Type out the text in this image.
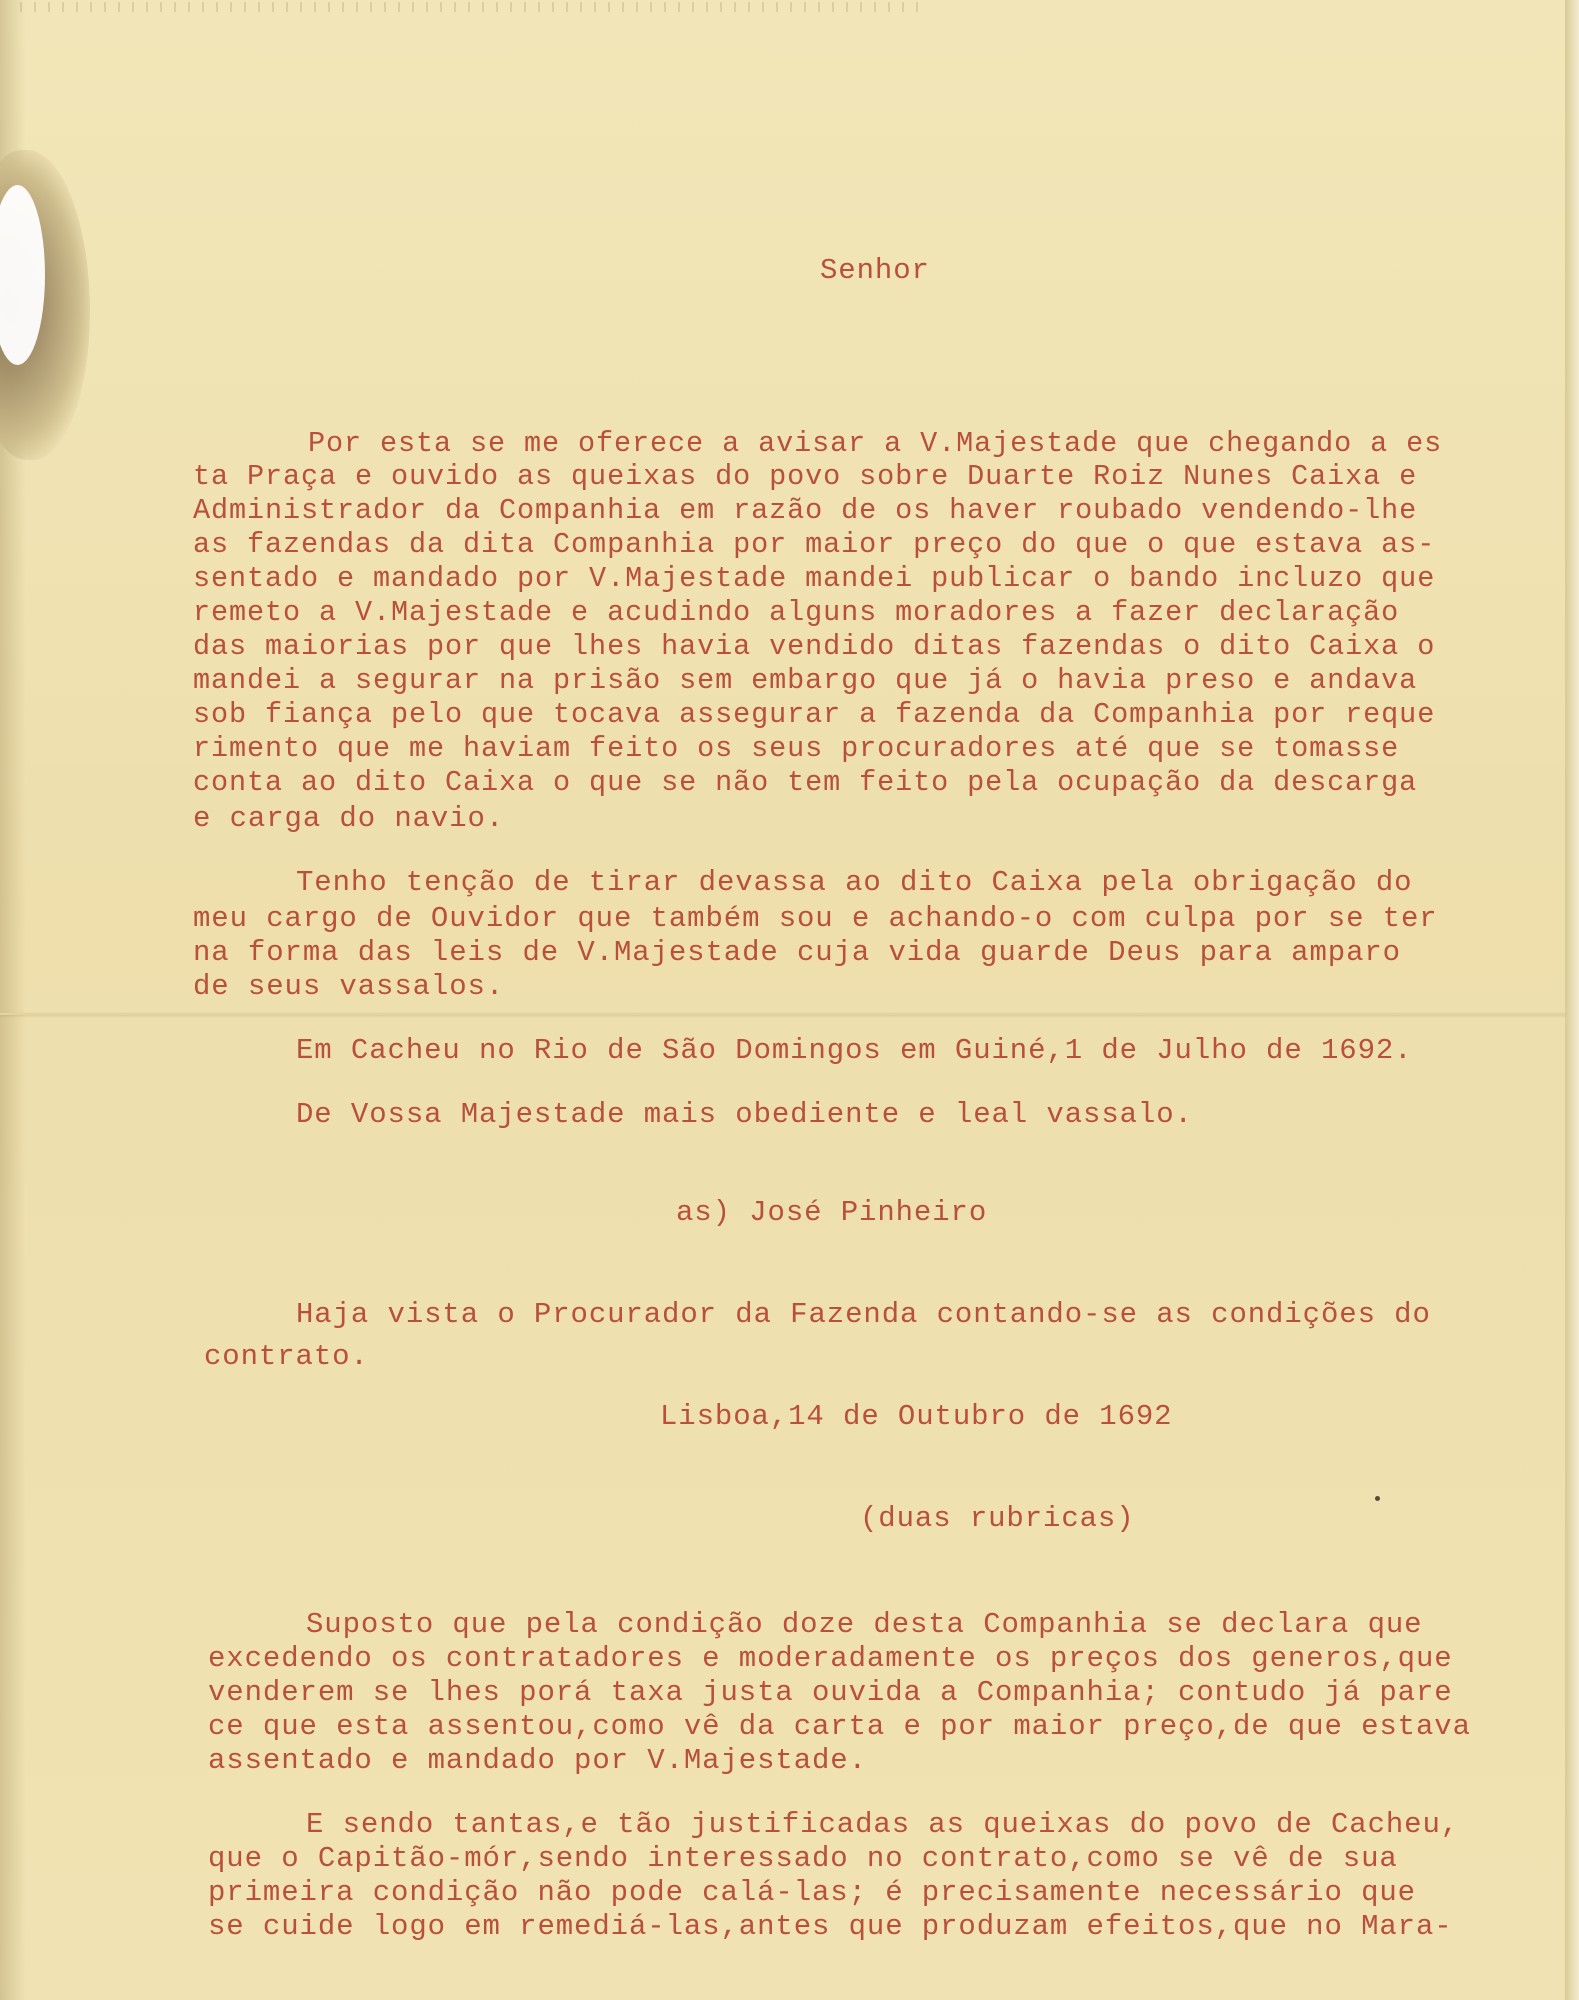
Senhor
Por esta se me oferece a avisar a V.Majestade que chegando a es
ta Praça e ouvido as queixas do povo sobre Duarte Roiz Nunes Caixa e
Administrador da Companhia em razão de os haver roubado vendendo-lhe
as fazendas da dita Companhia por maior preço do que o que estava as-
sentado e mandado por V.Majestade mandei publicar o bando incluzo que
remeto a V.Majestade e acudindo alguns moradores a fazer declaração
das maiorias por que lhes havia vendido ditas fazendas o dito Caixa o
mandei a segurar na prisão sem embargo que já o havia preso e andava
sob fiança pelo que tocava assegurar a fazenda da Companhia por reque
rimento que me haviam feito os seus procuradores até que se tomasse
conta ao dito Caixa o que se não tem feito pela ocupação da descarga
e carga do navio.
Tenho tenção de tirar devassa ao dito Caixa pela obrigação do
meu cargo de Ouvidor que também sou e achando-o com culpa por se ter
na forma das leis de V.Majestade cuja vida guarde Deus para amparo
de seus vassalos.
Em Cacheu no Rio de São Domingos em Guiné,1 de Julho de 1692.
De Vossa Majestade mais obediente e leal vassalo.
as) José Pinheiro
Haja vista o Procurador da Fazenda contando-se as condições do
contrato.
Lisboa,14 de Outubro de 1692
(duas rubricas)
Suposto que pela condição doze desta Companhia se declara que
excedendo os contratadores e moderadamente os preços dos generos,que
venderem se lhes porá taxa justa ouvida a Companhia; contudo já pare
ce que esta assentou,como vê da carta e por maior preço,de que estava
assentado e mandado por V.Majestade.
E sendo tantas,e tão justificadas as queixas do povo de Cacheu,
que o Capitão-mór,sendo interessado no contrato,como se vê de sua
primeira condição não pode calá-las; é precisamente necessário que
se cuide logo em remediá-las,antes que produzam efeitos,que no Mara-
